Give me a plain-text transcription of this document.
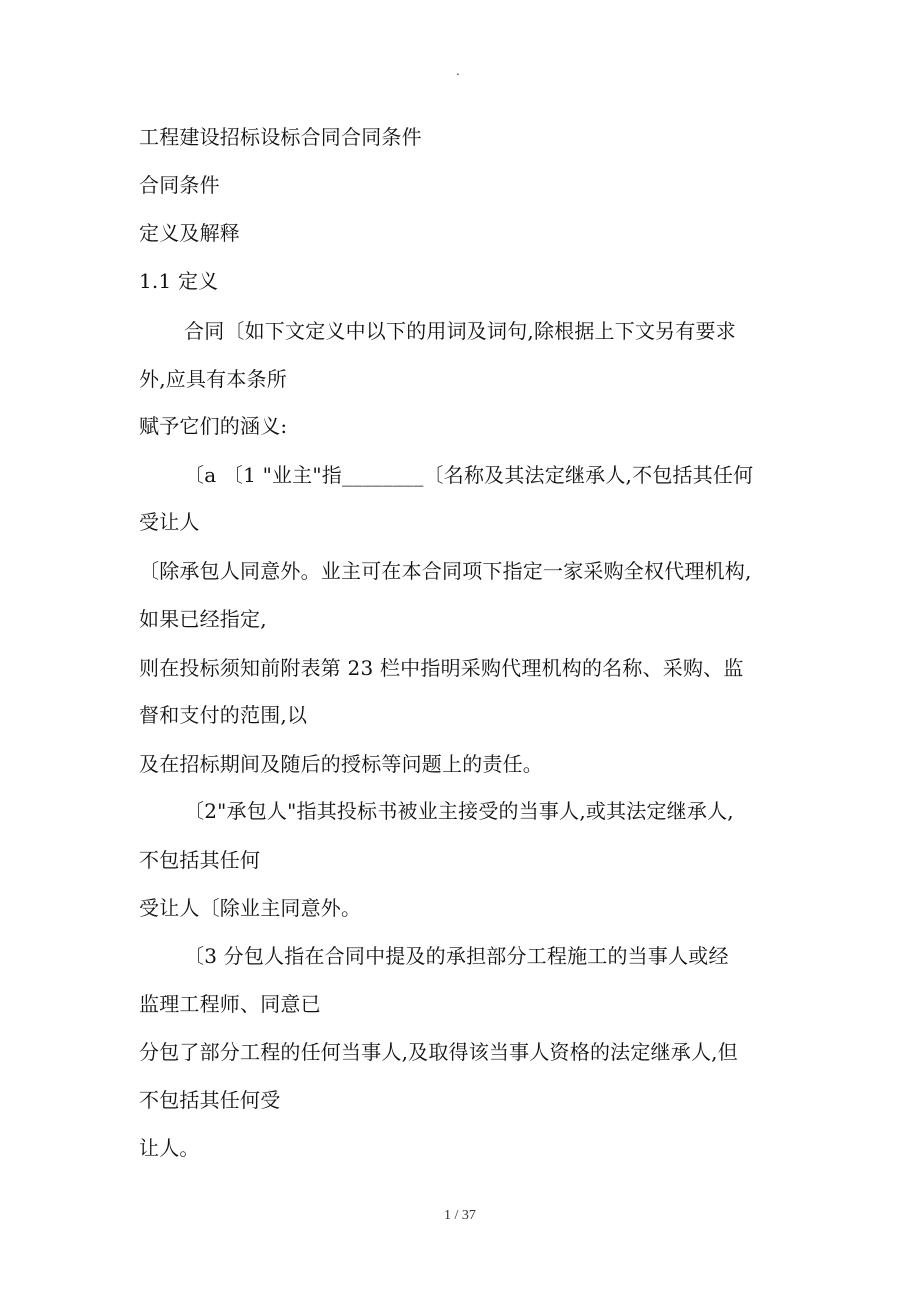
.
工程建设招标设标合同合同条件
合同条件
定义及解释
1.1 定义
合同〔如下文定义中以下的用词及词句,除根据上下文另有要求
外,应具有本条所
赋予它们的涵义:
〔a 〔1 "业主"指________〔名称及其法定继承人,不包括其任何
受让人
〔除承包人同意外。业主可在本合同项下指定一家采购全权代理机构,
如果已经指定,
则在投标须知前附表第 23 栏中指明采购代理机构的名称、采购、监
督和支付的范围,以
及在招标期间及随后的授标等问题上的责任。
〔2"承包人"指其投标书被业主接受的当事人,或其法定继承人,
不包括其任何
受让人〔除业主同意外。
〔3 分包人指在合同中提及的承担部分工程施工的当事人或经
监理工程师、同意已
分包了部分工程的任何当事人,及取得该当事人资格的法定继承人,但
不包括其任何受
让人。
1 / 37
